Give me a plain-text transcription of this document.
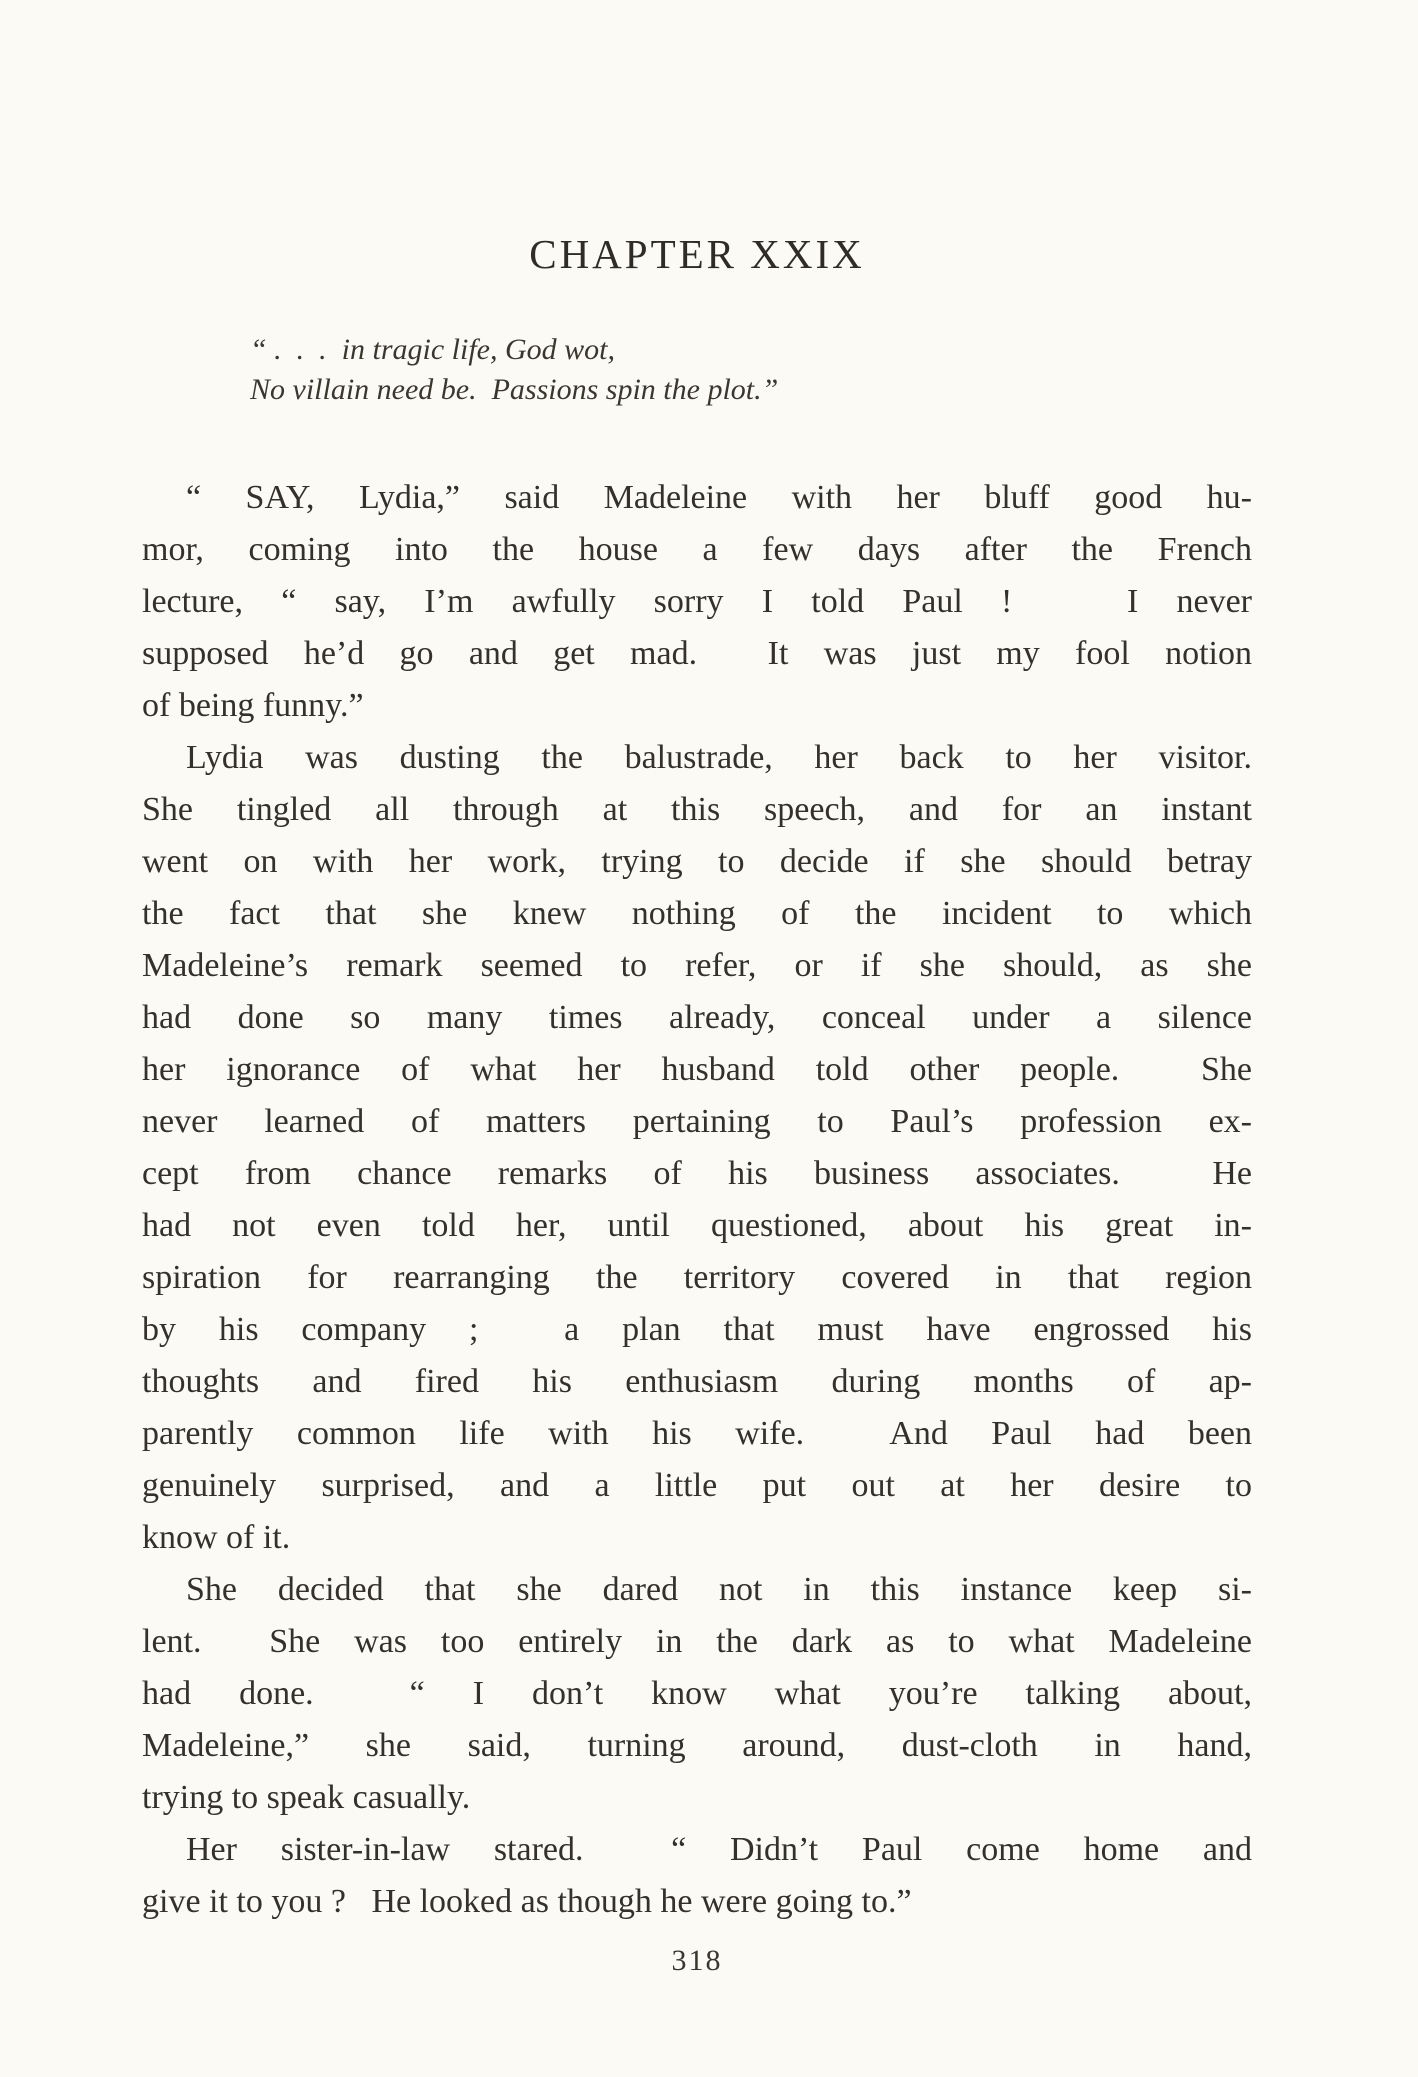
CHAPTER XXIX
“ .  .  .  in tragic life, God wot,
No villain need be.  Passions spin the plot.”
“ SAY, Lydia,” said Madeleine with her bluff good hu-
mor, coming into the house a few days after the French
lecture, “ say, I’m awfully sorry I told Paul !   I never
supposed he’d go and get mad.  It was just my fool notion
of being funny.”
Lydia was dusting the balustrade, her back to her visitor.
She tingled all through at this speech, and for an instant
went on with her work, trying to decide if she should betray
the fact that she knew nothing of the incident to which
Madeleine’s remark seemed to refer, or if she should, as she
had done so many times already, conceal under a silence
her ignorance of what her husband told other people.  She
never learned of matters pertaining to Paul’s profession ex-
cept from chance remarks of his business associates.  He
had not even told her, until questioned, about his great in-
spiration for rearranging the territory covered in that region
by his company ;  a plan that must have engrossed his
thoughts and fired his enthusiasm during months of ap-
parently common life with his wife.  And Paul had been
genuinely surprised, and a little put out at her desire to
know of it.
She decided that she dared not in this instance keep si-
lent.  She was too entirely in the dark as to what Madeleine
had done.  “ I don’t know what you’re talking about,
Madeleine,” she said, turning around, dust-cloth in hand,
trying to speak casually.
Her sister-in-law stared.  “ Didn’t Paul come home and
give it to you ?   He looked as though he were going to.”
318
